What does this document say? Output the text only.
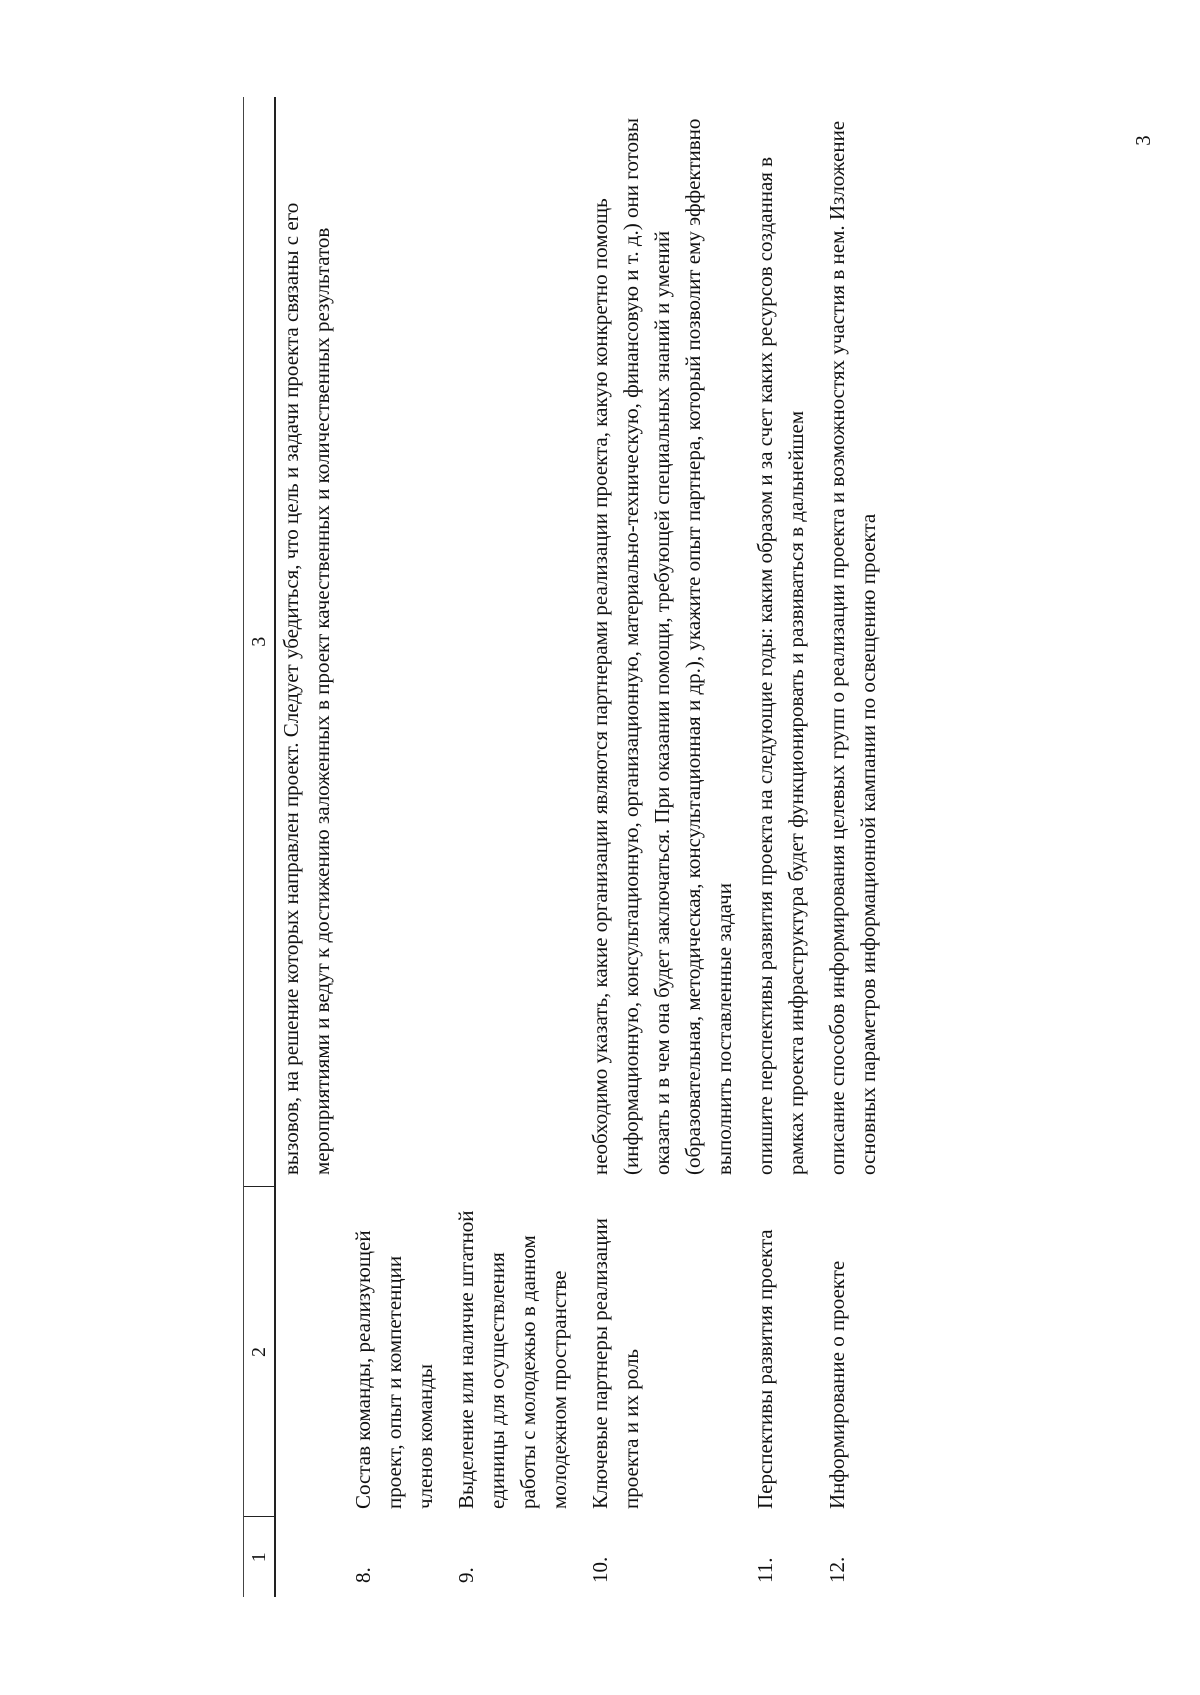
3
1	2	3
		вызовов, на решение которых направлен проект. Следует убедиться, что цель и задачи проекта связаны с его мероприятиями и ведут к достижению заложенных в проект качественных и количественных результатов
8.	Состав команды, реализующей проект, опыт и компетенции членов команды	
9.	Выделение или наличие штатной единицы для осуществления работы с молодежью в данном молодежном пространстве	
10.	Ключевые партнеры реализации проекта и их роль	необходимо указать, какие организации являются партнерами реализации проекта, какую конкретно помощь (информационную, консультационную, организационную, материально-техническую, финансовую и т. д.) они готовы оказать и в чем она будет заключаться. При оказании помощи, требующей специальных знаний и умений (образовательная, методическая, консультационная и др.), укажите опыт партнера, который позволит ему эффективно выполнить поставленные задачи
11.	Перспективы развития проекта	опишите перспективы развития проекта на следующие годы: каким образом и за счет каких ресурсов созданная в рамках проекта инфраструктура будет функционировать и развиваться в дальнейшем
12.	Информирование о проекте	описание способов информирования целевых групп о реализации проекта и возможностях участия в нем. Изложение основных параметров информационной кампании по освещению проекта
